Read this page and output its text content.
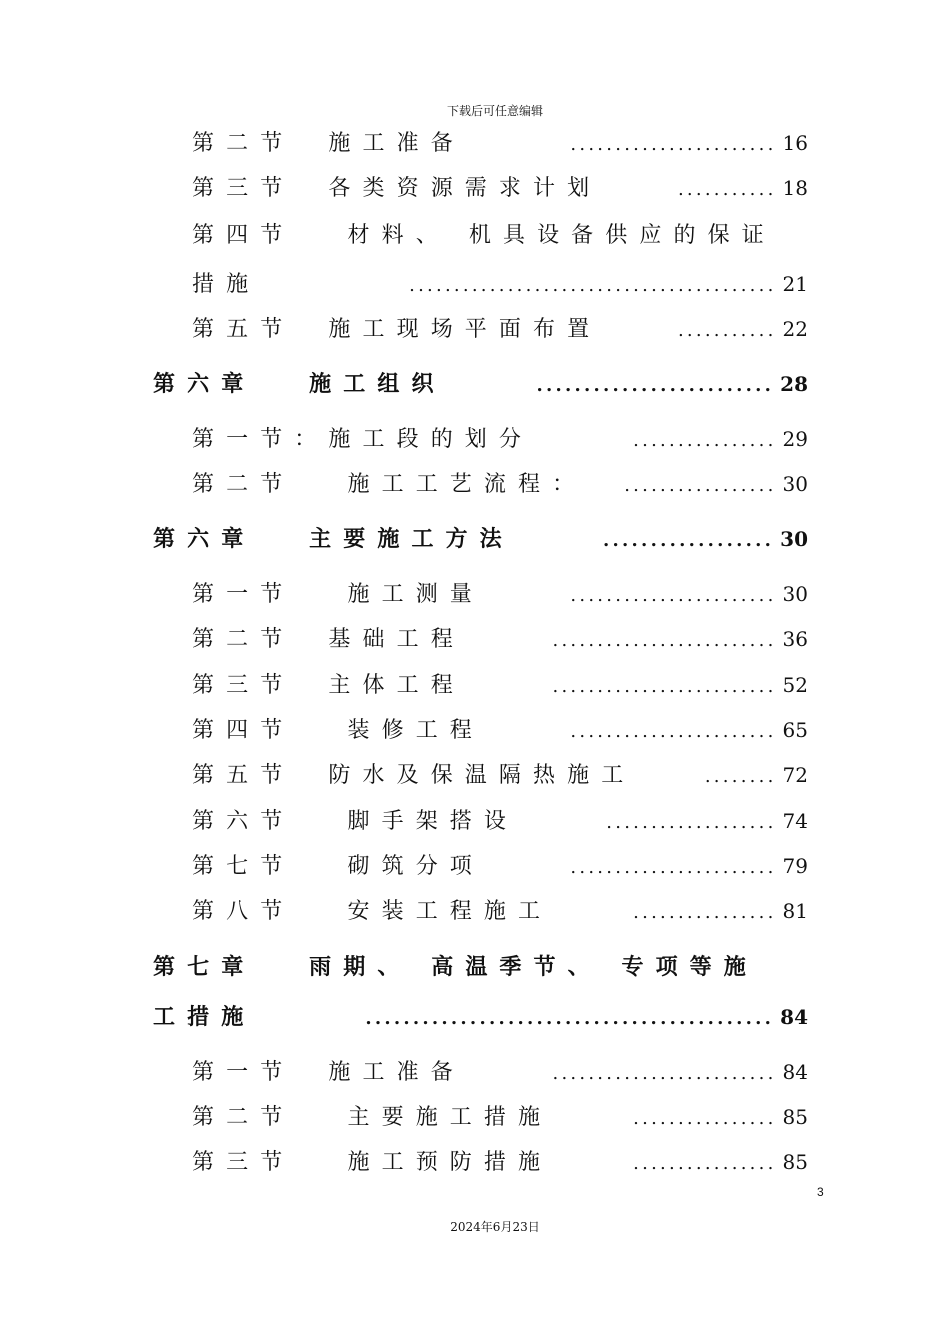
下载后可任意编辑
第二节　施工准备	....................... 16
第三节　各类资源需求计划	........... 18
第四节　 材料、 机具设备供应的保证
措施	......................................... 21
第五节　施工现场平面布置	........... 22
第六章　 施工组织	......................... 28
第一节：施工段的划分	................ 29
第二节　 施工工艺流程：	................. 30
第六章　 主要施工方法	.................. 30
第一节　 施工测量	....................... 30
第二节　基础工程	......................... 36
第三节　主体工程	......................... 52
第四节　 装修工程	....................... 65
第五节　防水及保温隔热施工	........ 72
第六节　 脚手架搭设	................... 74
第七节　 砌筑分项	....................... 79
第八节　 安装工程施工	................ 81
第七章　 雨期、 高温季节、 专项等施
工措施	........................................... 84
第一节　施工准备	......................... 84
第二节　 主要施工措施	................ 85
第三节　 施工预防措施	................ 85
3
2024年6月23日
